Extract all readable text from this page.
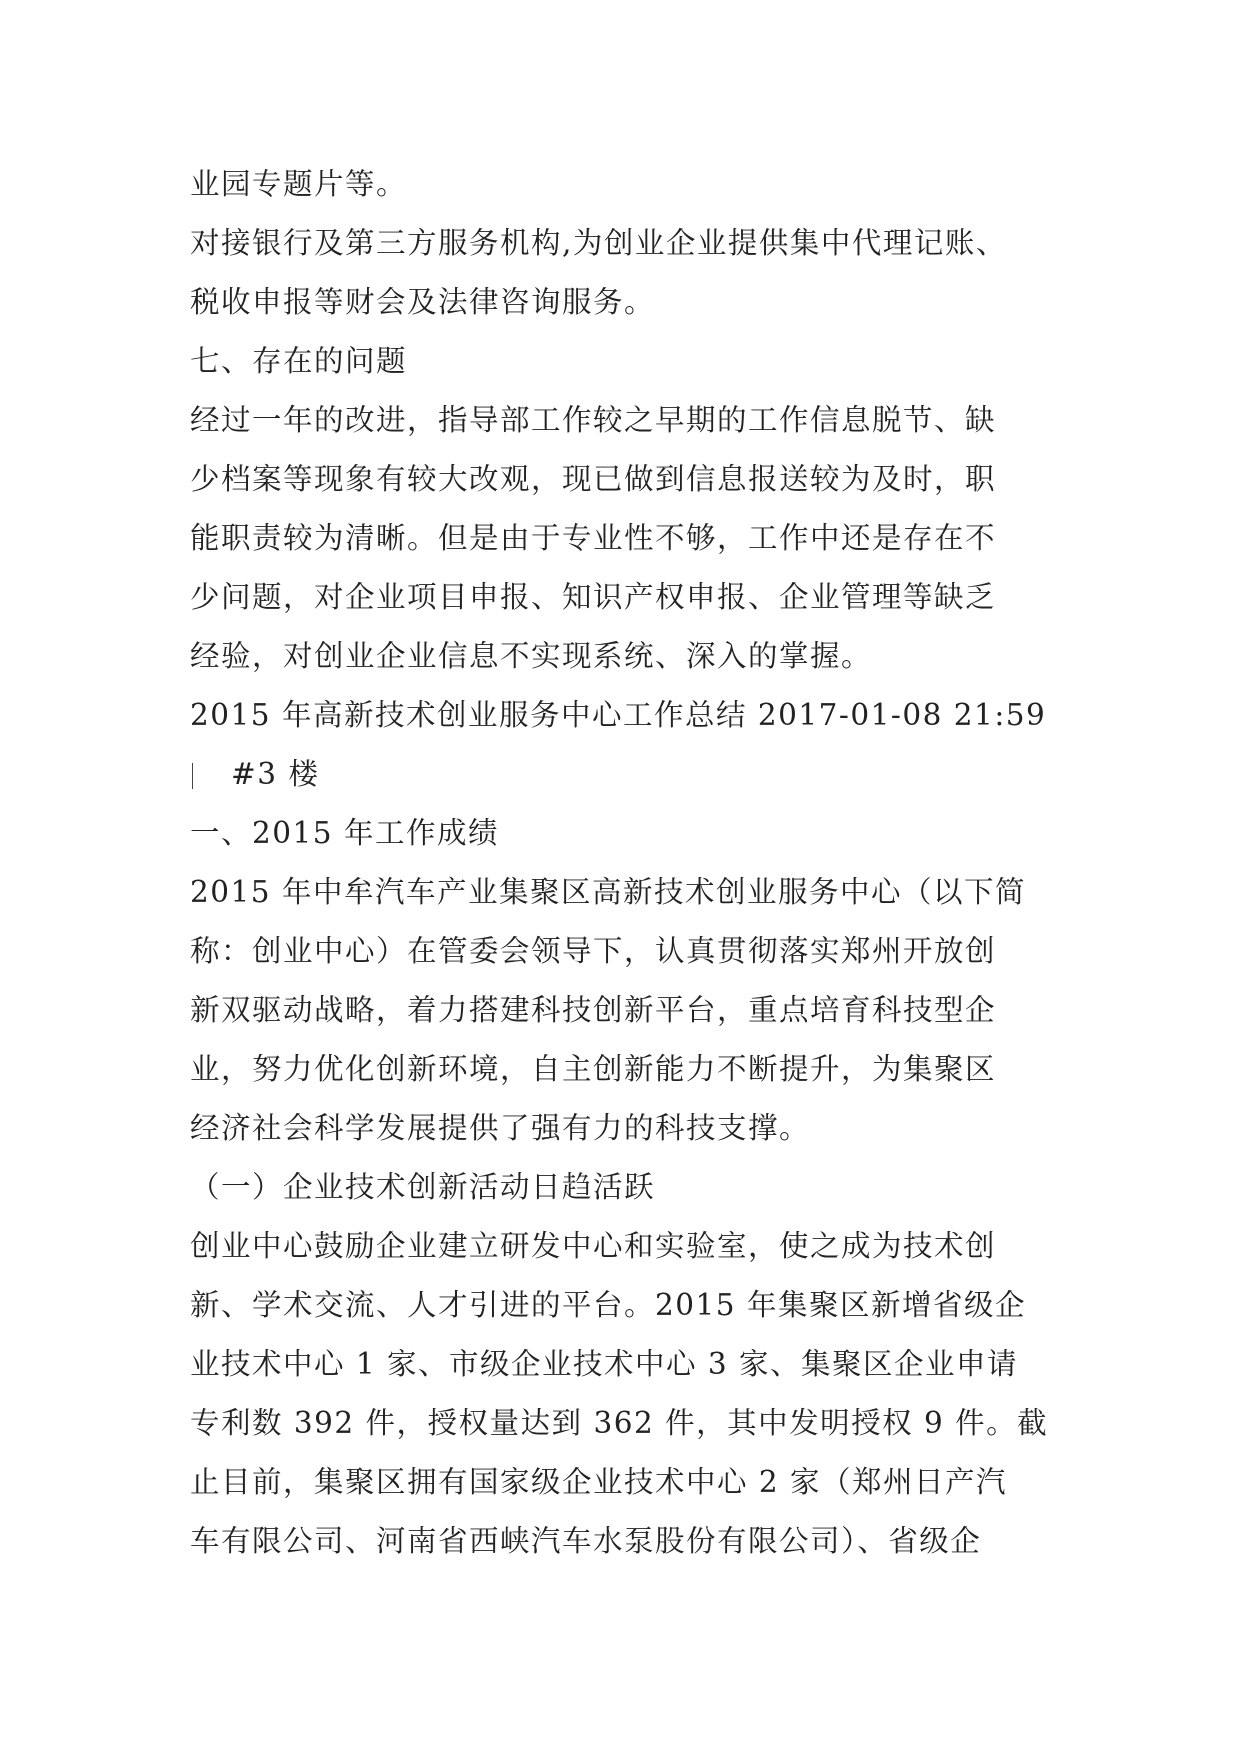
业园专题片等。
对接银行及第三方服务机构,为创业企业提供集中代理记账、
税收申报等财会及法律咨询服务。
七、存在的问题
经过一年的改进，指导部工作较之早期的工作信息脱节、缺
少档案等现象有较大改观，现已做到信息报送较为及时，职
能职责较为清晰。但是由于专业性不够，工作中还是存在不
少问题，对企业项目申报、知识产权申报、企业管理等缺乏
经验，对创业企业信息不实现系统、深入的掌握。
2015 年高新技术创业服务中心工作总结 2017-01-08 21:59
#3 楼
一、2015 年工作成绩
2015 年中牟汽车产业集聚区高新技术创业服务中心（以下简
称：创业中心）在管委会领导下，认真贯彻落实郑州开放创
新双驱动战略，着力搭建科技创新平台，重点培育科技型企
业，努力优化创新环境，自主创新能力不断提升，为集聚区
经济社会科学发展提供了强有力的科技支撑。
（一）企业技术创新活动日趋活跃
创业中心鼓励企业建立研发中心和实验室，使之成为技术创
新、学术交流、人才引进的平台。2015 年集聚区新增省级企
业技术中心 1 家、市级企业技术中心 3 家、集聚区企业申请
专利数 392 件，授权量达到 362 件，其中发明授权 9 件。截
止目前，集聚区拥有国家级企业技术中心 2 家（郑州日产汽
车有限公司、河南省西峡汽车水泵股份有限公司）、省级企
